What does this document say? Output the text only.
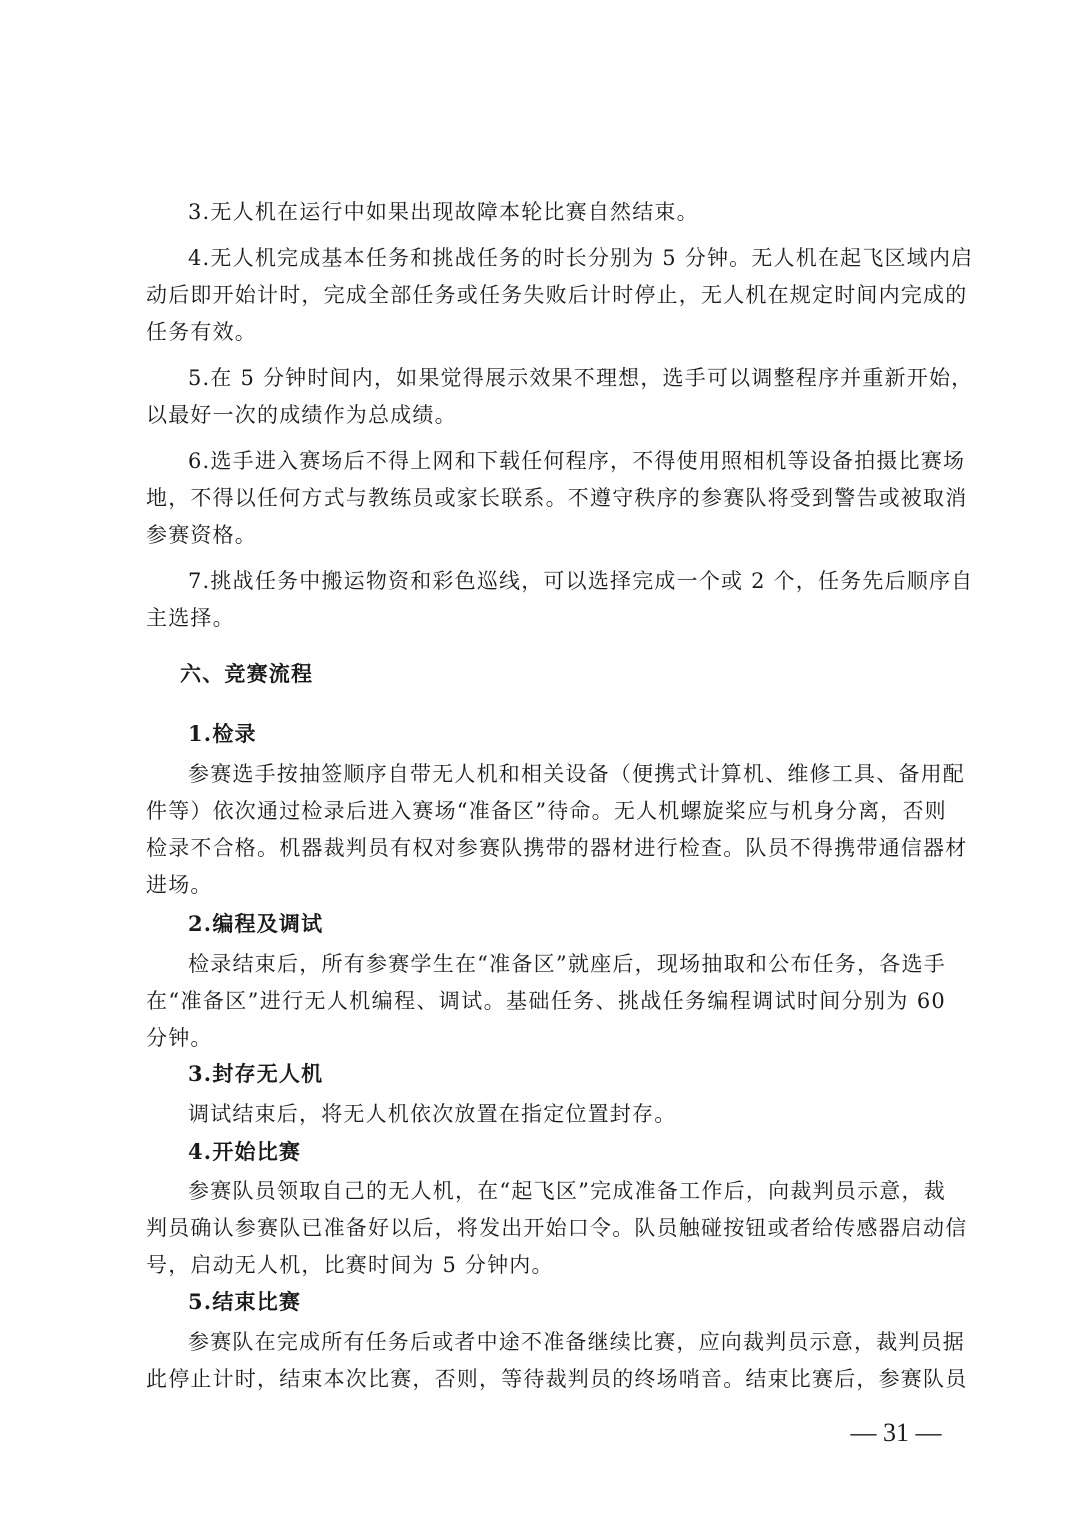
3.无人机在运行中如果出现故障本轮比赛自然结束。
4.无人机完成基本任务和挑战任务的时长分别为 5 分钟。无人机在起飞区域内启
动后即开始计时，完成全部任务或任务失败后计时停止，无人机在规定时间内完成的
任务有效。
5.在 5 分钟时间内，如果觉得展示效果不理想，选手可以调整程序并重新开始，
以最好一次的成绩作为总成绩。
6.选手进入赛场后不得上网和下载任何程序，不得使用照相机等设备拍摄比赛场
地，不得以任何方式与教练员或家长联系。不遵守秩序的参赛队将受到警告或被取消
参赛资格。
7.挑战任务中搬运物资和彩色巡线，可以选择完成一个或 2 个，任务先后顺序自
主选择。
六、竞赛流程
1.检录
参赛选手按抽签顺序自带无人机和相关设备（便携式计算机、维修工具、备用配
件等）依次通过检录后进入赛场“准备区”待命。无人机螺旋桨应与机身分离，否则
检录不合格。机器裁判员有权对参赛队携带的器材进行检查。队员不得携带通信器材
进场。
2.编程及调试
检录结束后，所有参赛学生在“准备区”就座后，现场抽取和公布任务，各选手
在“准备区”进行无人机编程、调试。基础任务、挑战任务编程调试时间分别为 60
分钟。
3.封存无人机
调试结束后，将无人机依次放置在指定位置封存。
4.开始比赛
参赛队员领取自己的无人机，在“起飞区”完成准备工作后，向裁判员示意，裁
判员确认参赛队已准备好以后，将发出开始口令。队员触碰按钮或者给传感器启动信
号，启动无人机，比赛时间为 5 分钟内。
5.结束比赛
参赛队在完成所有任务后或者中途不准备继续比赛，应向裁判员示意，裁判员据
此停止计时，结束本次比赛，否则，等待裁判员的终场哨音。结束比赛后，参赛队员
— 31 —
